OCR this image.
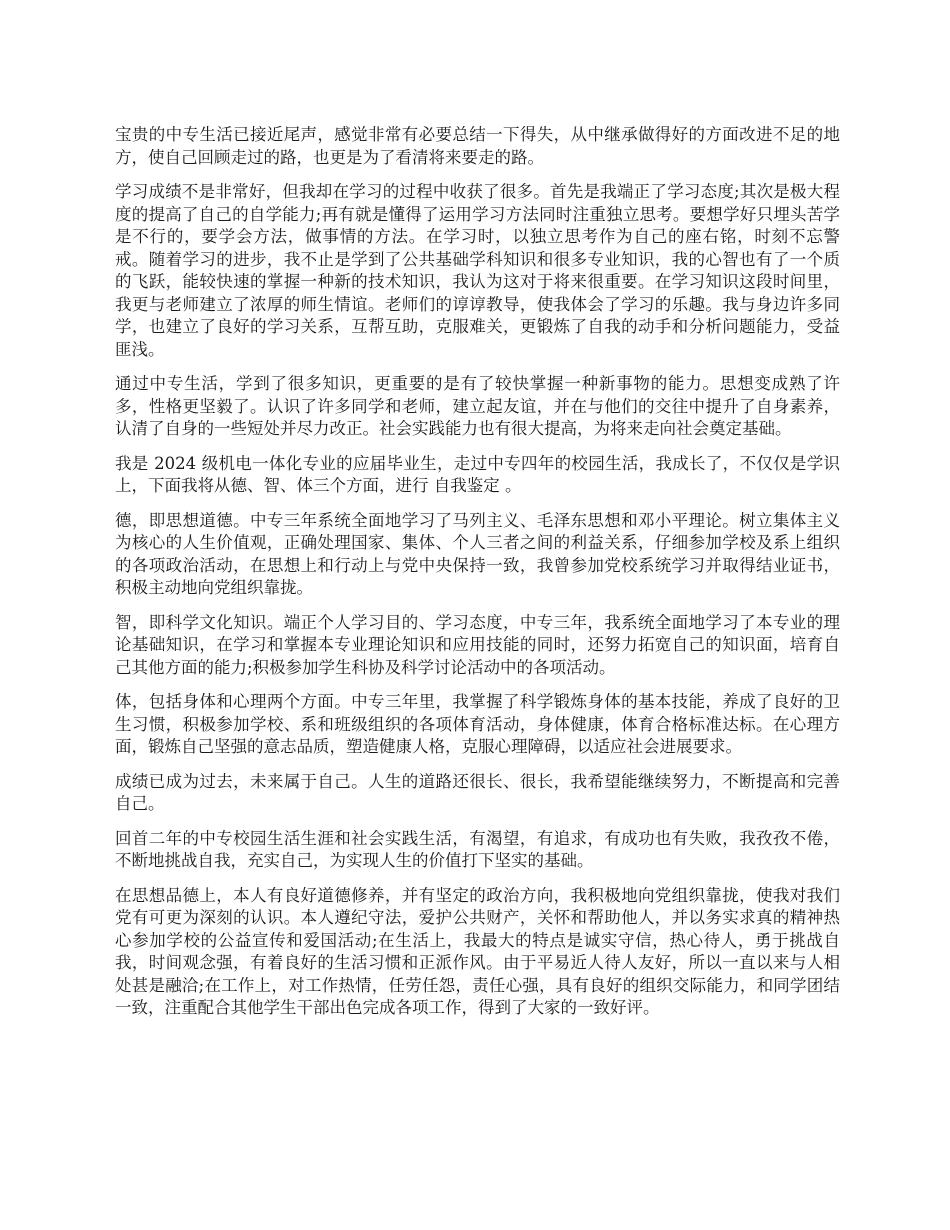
宝贵的中专生活已接近尾声，感觉非常有必要总结一下得失，从中继承做得好的方面改进不足的地方，使自己回顾走过的路，也更是为了看清将来要走的路。

学习成绩不是非常好，但我却在学习的过程中收获了很多。首先是我端正了学习态度;其次是极大程度的提高了自己的自学能力;再有就是懂得了运用学习方法同时注重独立思考。要想学好只埋头苦学是不行的，要学会方法，做事情的方法。在学习时，以独立思考作为自己的座右铭，时刻不忘警戒。随着学习的进步，我不止是学到了公共基础学科知识和很多专业知识，我的心智也有了一个质的飞跃，能较快速的掌握一种新的技术知识，我认为这对于将来很重要。在学习知识这段时间里，我更与老师建立了浓厚的师生情谊。老师们的谆谆教导，使我体会了学习的乐趣。我与身边许多同学，也建立了良好的学习关系，互帮互助，克服难关，更锻炼了自我的动手和分析问题能力，受益匪浅。

通过中专生活，学到了很多知识，更重要的是有了较快掌握一种新事物的能力。思想变成熟了许多，性格更坚毅了。认识了许多同学和老师，建立起友谊，并在与他们的交往中提升了自身素养，认清了自身的一些短处并尽力改正。社会实践能力也有很大提高，为将来走向社会奠定基础。

我是 2024 级机电一体化专业的应届毕业生，走过中专四年的校园生活，我成长了，不仅仅是学识上，下面我将从德、智、体三个方面，进行 自我鉴定 。

德，即思想道德。中专三年系统全面地学习了马列主义、毛泽东思想和邓小平理论。树立集体主义为核心的人生价值观，正确处理国家、集体、个人三者之间的利益关系，仔细参加学校及系上组织的各项政治活动，在思想上和行动上与党中央保持一致，我曾参加党校系统学习并取得结业证书，积极主动地向党组织靠拢。

智，即科学文化知识。端正个人学习目的、学习态度，中专三年，我系统全面地学习了本专业的理论基础知识，在学习和掌握本专业理论知识和应用技能的同时，还努力拓宽自己的知识面，培育自己其他方面的能力;积极参加学生科协及科学讨论活动中的各项活动。

体，包括身体和心理两个方面。中专三年里，我掌握了科学锻炼身体的基本技能，养成了良好的卫生习惯，积极参加学校、系和班级组织的各项体育活动，身体健康，体育合格标准达标。在心理方面，锻炼自己坚强的意志品质，塑造健康人格，克服心理障碍，以适应社会进展要求。

成绩已成为过去，未来属于自己。人生的道路还很长、很长，我希望能继续努力，不断提高和完善自己。

回首二年的中专校园生活生涯和社会实践生活，有渴望，有追求，有成功也有失败，我孜孜不倦，不断地挑战自我，充实自己，为实现人生的价值打下坚实的基础。

在思想品德上，本人有良好道德修养，并有坚定的政治方向，我积极地向党组织靠拢，使我对我们党有可更为深刻的认识。本人遵纪守法，爱护公共财产，关怀和帮助他人，并以务实求真的精神热心参加学校的公益宣传和爱国活动;在生活上，我最大的特点是诚实守信，热心待人，勇于挑战自我，时间观念强，有着良好的生活习惯和正派作风。由于平易近人待人友好，所以一直以来与人相处甚是融洽;在工作上，对工作热情，任劳任怨，责任心强，具有良好的组织交际能力，和同学团结一致，注重配合其他学生干部出色完成各项工作，得到了大家的一致好评。
